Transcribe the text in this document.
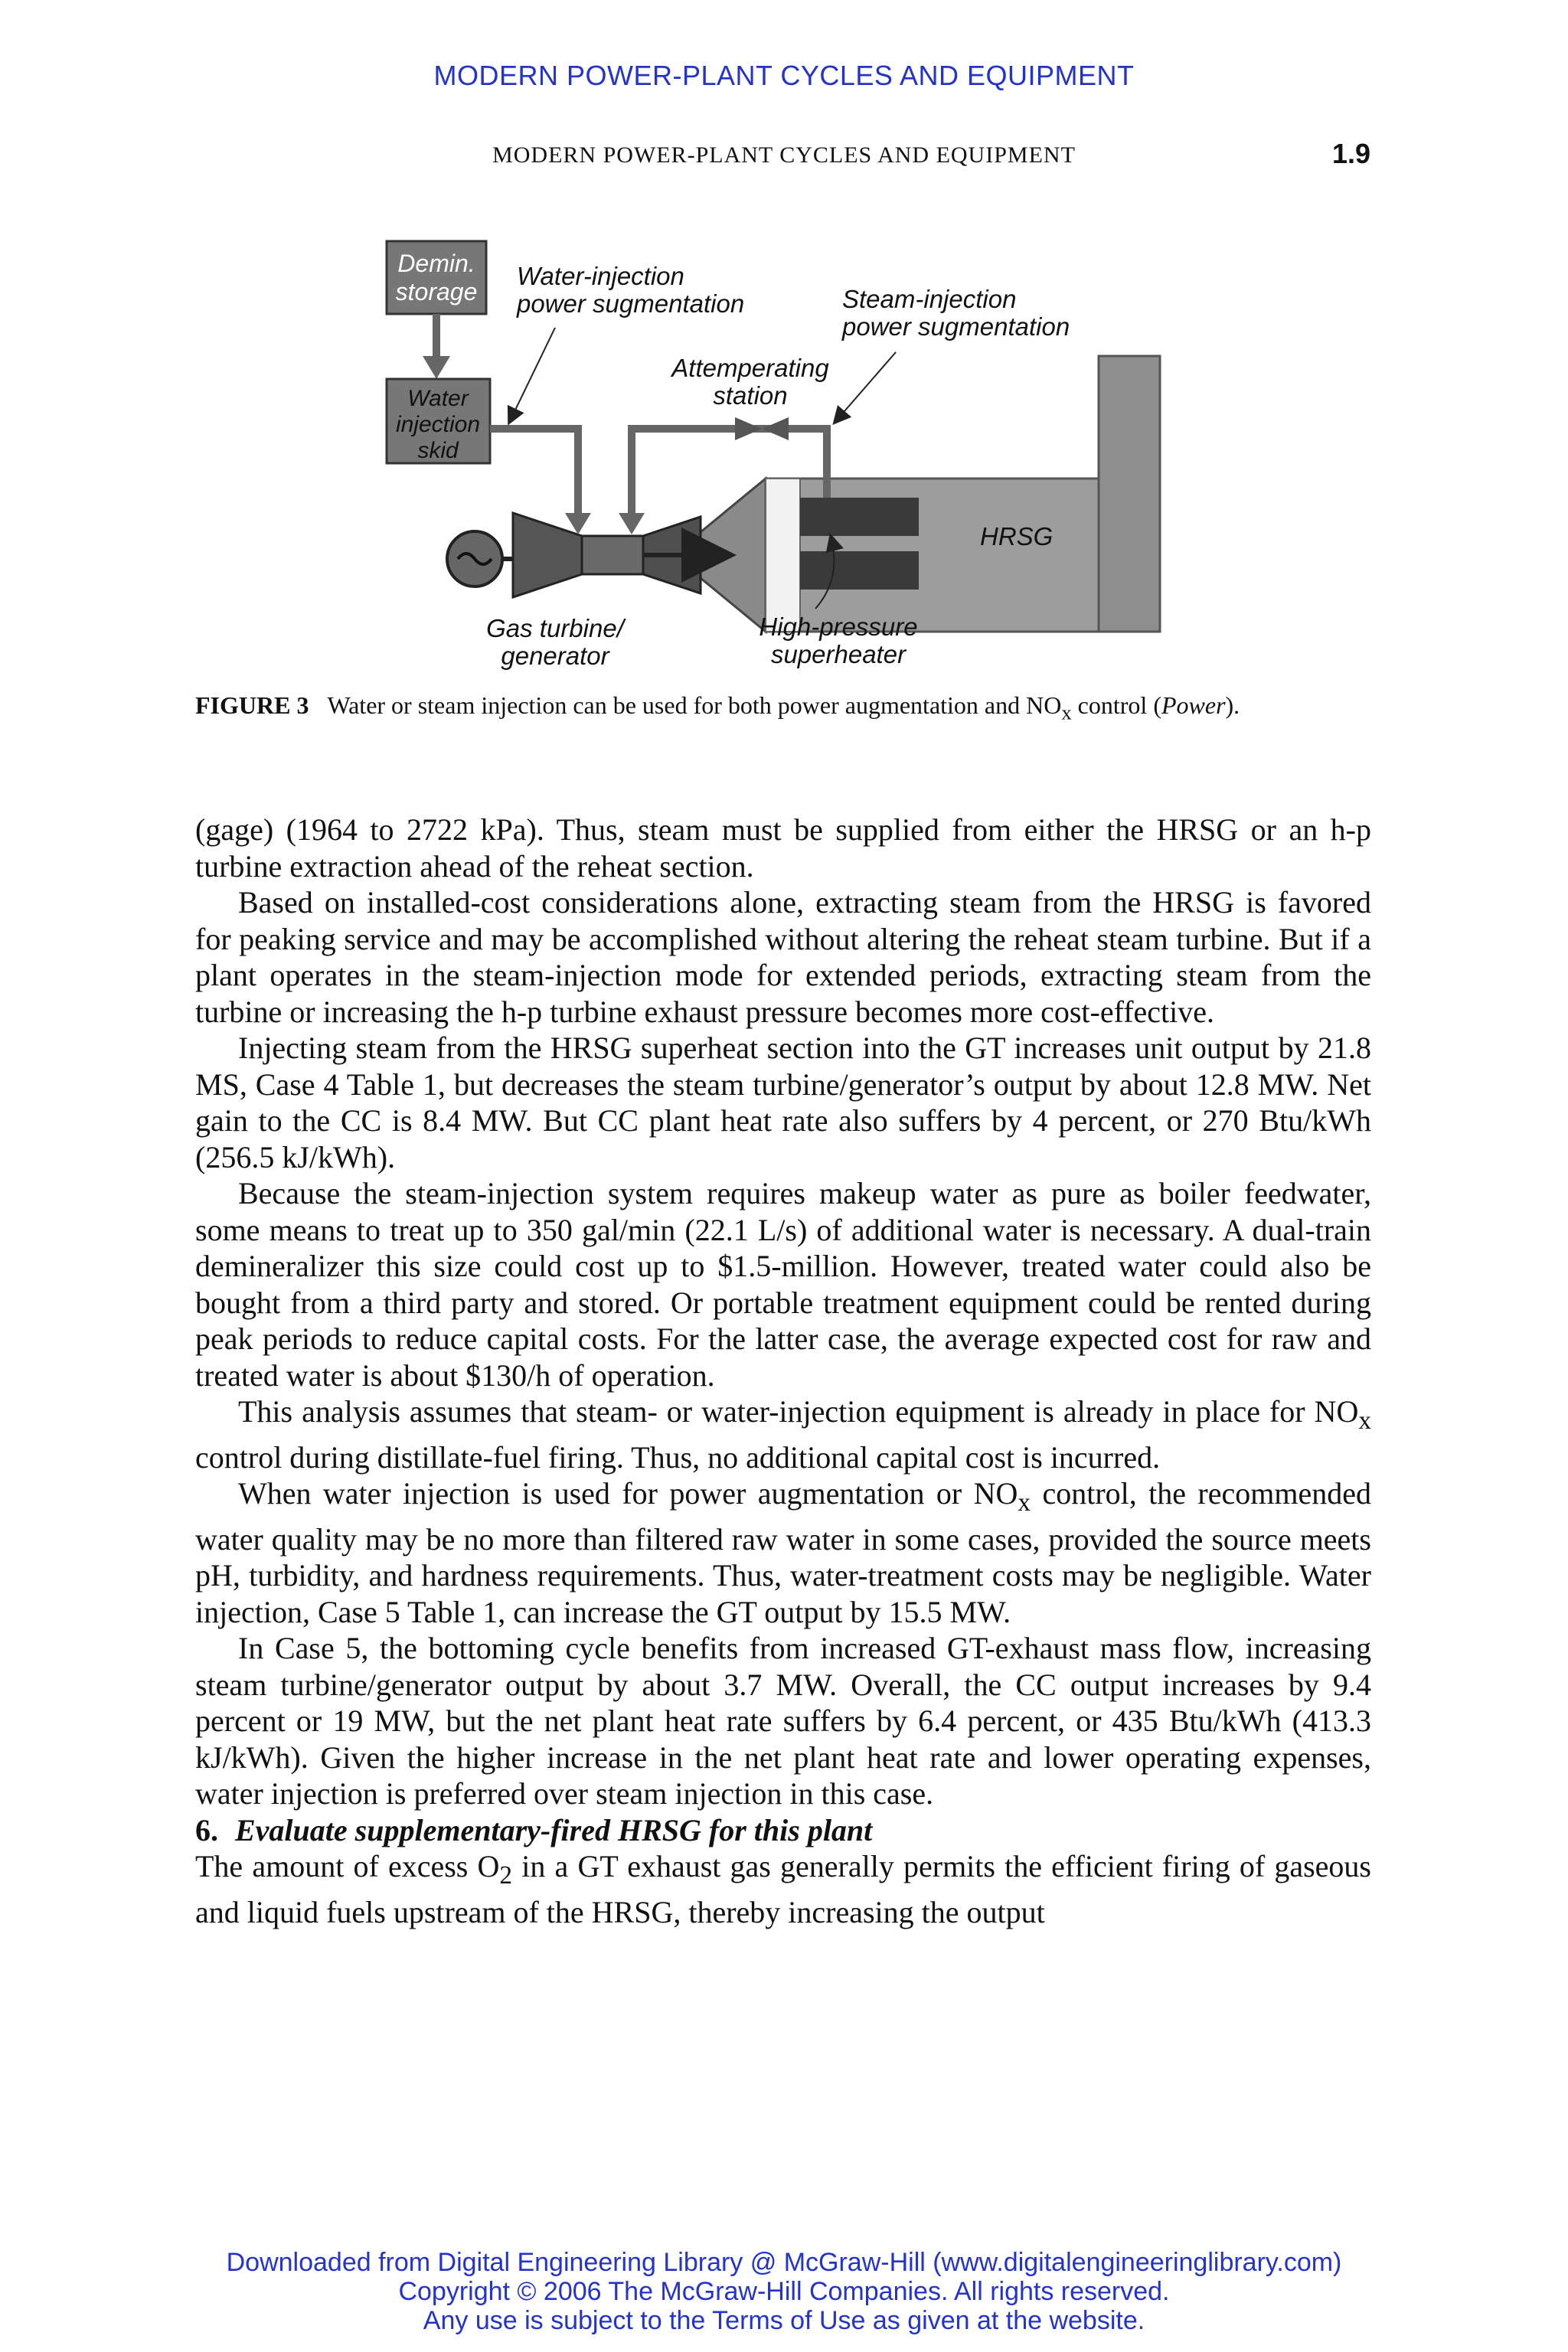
MODERN POWER-PLANT CYCLES AND EQUIPMENT
MODERN POWER-PLANT CYCLES AND EQUIPMENT	1.9
Demin.
storage
Water
injection
skid
Water-injection
power sugmentation	Steam-injection
power sugmentation
Attemperating
station
HRSG
Gas turbine/
generator
High-pressure
superheater
FIGURE 3 Water or steam injection can be used for both power augmentation and $NO_x$ control (Power).

(gage) (1964 to 2722 kPa). Thus, steam must be supplied from either the HRSG or an h-p turbine extraction ahead of the reheat section.

Based on installed-cost considerations alone, extracting steam from the HRSG is favored for peaking service and may be accomplished without altering the reheat steam turbine. But if a plant operates in the steam-injection mode for extended periods, extracting steam from the turbine or increasing the h-p turbine exhaust pressure becomes more cost-effective.

Injecting steam from the HRSG superheat section into the GT increases unit output by 21.8 MS, Case 4 Table 1, but decreases the steam turbine/generator’s output by about 12.8 MW. Net gain to the CC is 8.4 MW. But CC plant heat rate also suffers by 4 percent, or 270 Btu/kWh (256.5 kJ/kWh).

Because the steam-injection system requires makeup water as pure as boiler feedwater, some means to treat up to 350 gal/min (22.1 L/s) of additional water is necessary. A dual-train demineralizer this size could cost up to $1.5-million. However, treated water could also be bought from a third party and stored. Or portable treatment equipment could be rented during peak periods to reduce capital costs. For the latter case, the average expected cost for raw and treated water is about $130/h of operation.

This analysis assumes that steam- or water-injection equipment is already in place for $NO_x$ control during distillate-fuel firing. Thus, no additional capital cost is incurred.

When water injection is used for power augmentation or $NO_x$ control, the recommended water quality may be no more than filtered raw water in some cases, provided the source meets pH, turbidity, and hardness requirements. Thus, water-treatment costs may be negligible. Water injection, Case 5 Table 1, can increase the GT output by 15.5 MW.

In Case 5, the bottoming cycle benefits from increased GT-exhaust mass flow, increasing steam turbine/generator output by about 3.7 MW. Overall, the CC output increases by 9.4 percent or 19 MW, but the net plant heat rate suffers by 6.4 percent, or 435 Btu/kWh (413.3 kJ/kWh). Given the higher increase in the net plant heat rate and lower operating expenses, water injection is preferred over steam injection in this case.

6. Evaluate supplementary-fired HRSG for this plant

The amount of excess $O_2$ in a GT exhaust gas generally permits the efficient firing of gaseous and liquid fuels upstream of the HRSG, thereby increasing the output

Downloaded from Digital Engineering Library @ McGraw-Hill (www.digitalengineeringlibrary.com)
Copyright © 2006 The McGraw-Hill Companies. All rights reserved.
Any use is subject to the Terms of Use as given at the website.
